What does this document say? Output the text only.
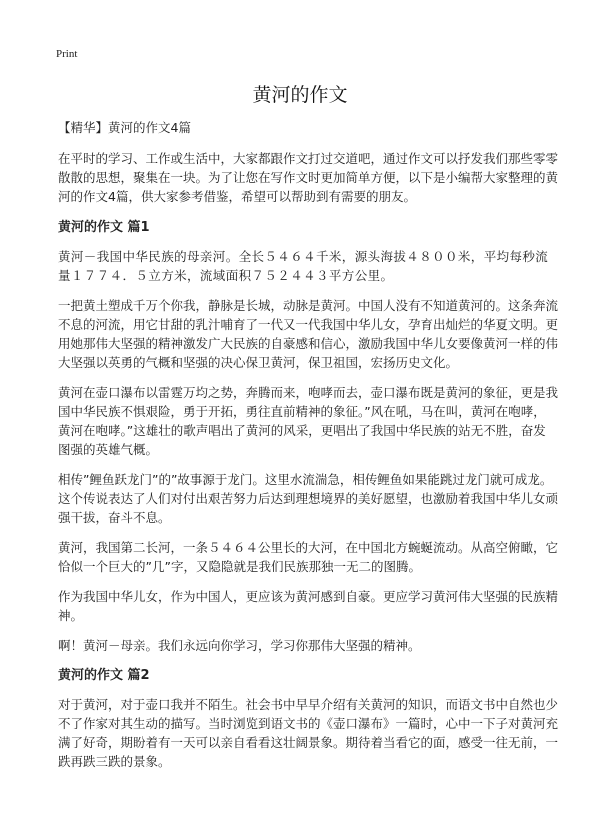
Print
黄河的作文

【精华】黄河的作文4篇

在平时的学习、工作或生活中，大家都跟作文打过交道吧，通过作文可以抒发我们那些零零散散的思想，聚集在一块。为了让您在写作文时更加简单方便，以下是小编帮大家整理的黄河的作文4篇，供大家参考借鉴，希望可以帮助到有需要的朋友。

黄河的作文 篇1

黄河－我国中华民族的母亲河。全长５４６４千米，源头海拔４８００米，平均每秒流量１７７４．５立方米，流域面积７５２４４３平方公里。

一把黄土塑成千万个你我，静脉是长城，动脉是黄河。中国人没有不知道黄河的。这条奔流不息的河流，用它甘甜的乳汁哺育了一代又一代我国中华儿女，孕育出灿烂的华夏文明。更用她那伟大坚强的精神激发广大民族的自豪感和信心，激励我国中华儿女要像黄河一样的伟大坚强以英勇的气概和坚强的决心保卫黄河，保卫祖国，宏扬历史文化。

黄河在壶口瀑布以雷霆万均之势，奔腾而来，咆哮而去，壶口瀑布既是黄河的象征，更是我国中华民族不惧艰险，勇于开拓，勇往直前精神的象征。”风在吼，马在叫，黄河在咆哮，黄河在咆哮。”这雄壮的歌声唱出了黄河的风采，更唱出了我国中华民族的站无不胜，奋发图强的英雄气概。

相传”鲤鱼跃龙门”的”故事源于龙门。这里水流湍急，相传鲤鱼如果能跳过龙门就可成龙。这个传说表达了人们对付出艰苦努力后达到理想境界的美好愿望，也激励着我国中华儿女顽强干拔，奋斗不息。

黄河，我国第二长河，一条５４６４公里长的大河，在中国北方蜿蜒流动。从高空俯瞰，它恰似一个巨大的”几”字，又隐隐就是我们民族那独一无二的图腾。

作为我国中华儿女，作为中国人，更应该为黄河感到自豪。更应学习黄河伟大坚强的民族精神。

啊！黄河－母亲。我们永远向你学习，学习你那伟大坚强的精神。

黄河的作文 篇2

对于黄河，对于壶口我并不陌生。社会书中早早介绍有关黄河的知识，而语文书中自然也少不了作家对其生动的描写。当时浏览到语文书的《壶口瀑布》一篇时，心中一下子对黄河充满了好奇，期盼着有一天可以亲自看看这壮阔景象。期待着当看它的面，感受一往无前，一跌再跌三跌的景象。
